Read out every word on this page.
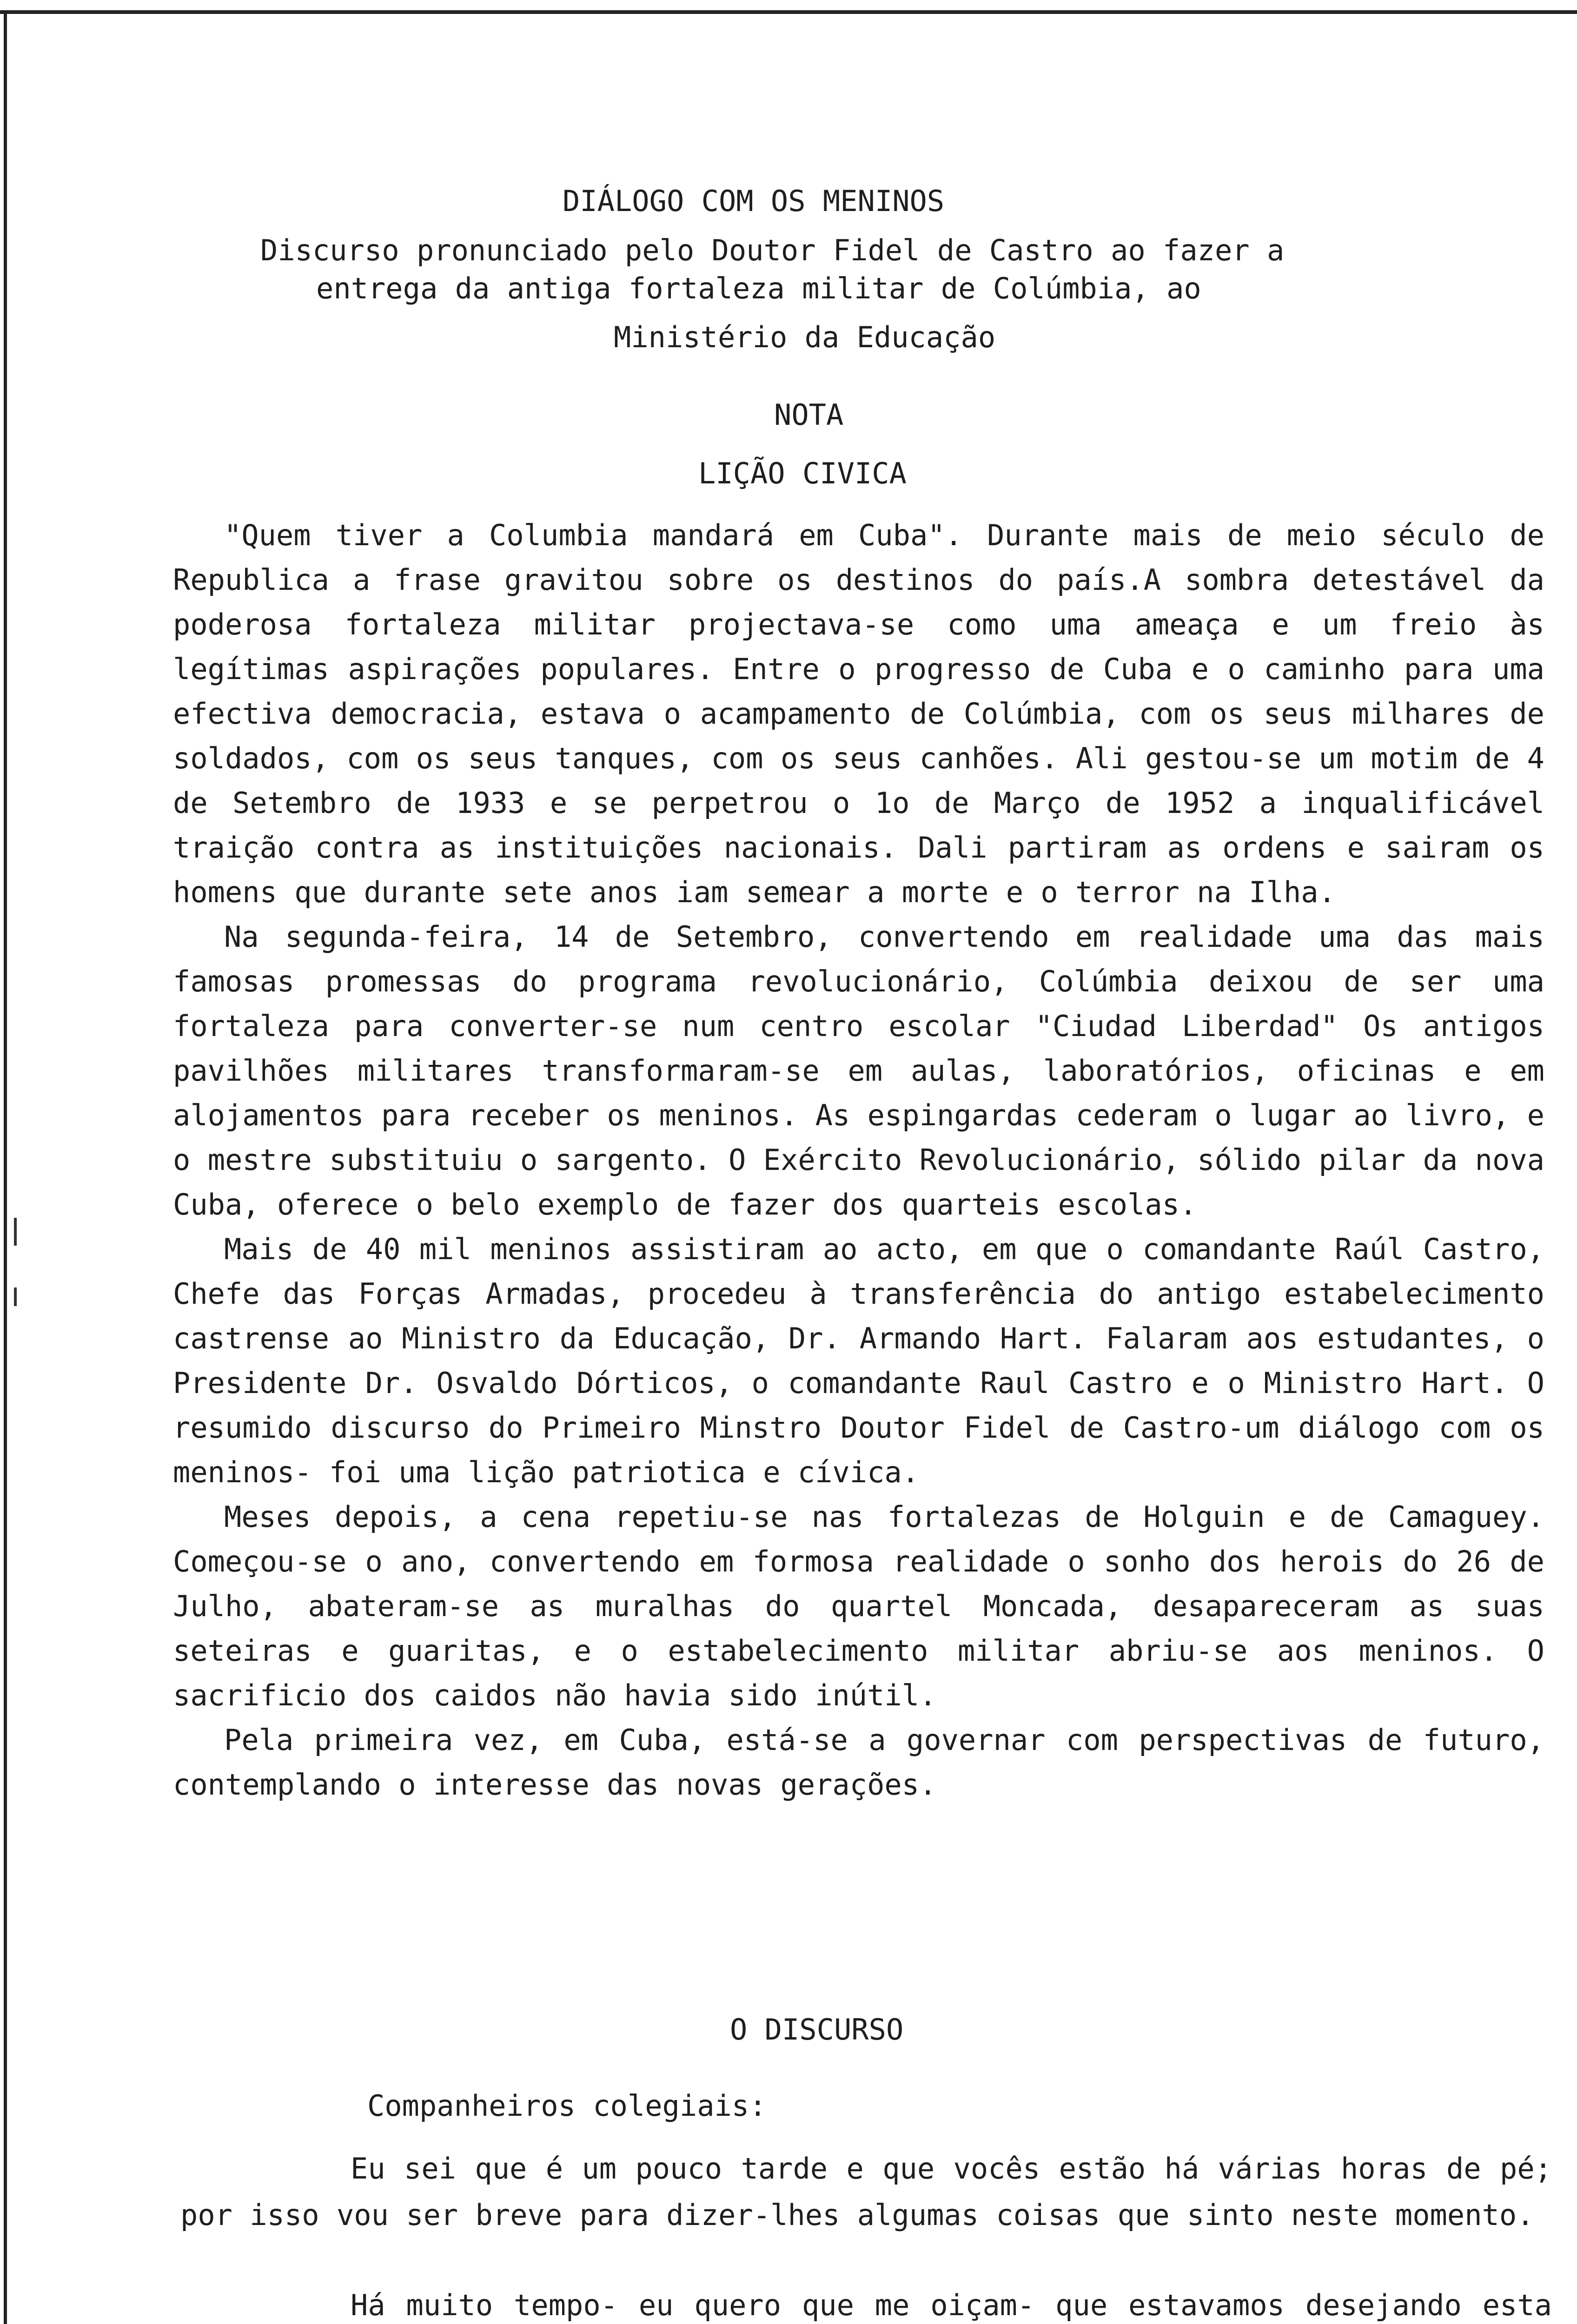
DIÁLOGO COM OS MENINOS
Discurso pronunciado pelo Doutor Fidel de Castro ao fazer a
entrega da antiga fortaleza militar de Colúmbia, ao
Ministério da Educação
NOTA
LIÇÃO CIVICA

"Quem tiver a Columbia mandará em Cuba". Durante mais de meio século de Republica a frase gravitou sobre os destinos do país.A sombra detestável da poderosa fortaleza militar projectava-se como uma ameaça e um freio às legítimas aspirações populares. Entre o progresso de Cuba e o caminho para uma efectiva democracia, estava o acampamento de Colúmbia, com os seus milhares de soldados, com os seus tanques, com os seus canhões. Ali gestou-se um motim de 4 de Setembro de 1933 e se perpetrou o 1o de Março de 1952 a inqualificável traição contra as instituições nacionais. Dali partiram as ordens e sairam os homens que durante sete anos iam semear a morte e o terror na Ilha.

Na segunda-feira, 14 de Setembro, convertendo em realidade uma das mais famosas promessas do programa revolucionário, Colúmbia deixou de ser uma fortaleza para converter-se num centro escolar "Ciudad Liberdad" Os antigos pavilhões militares transformaram-se em aulas, laboratórios, oficinas e em alojamentos para receber os meninos. As espingardas cederam o lugar ao livro, e o mestre substituiu o sargento. O Exército Revolucionário, sólido pilar da nova Cuba, oferece o belo exemplo de fazer dos quarteis escolas.

Mais de 40 mil meninos assistiram ao acto, em que o comandante Raúl Castro, Chefe das Forças Armadas, procedeu à transferência do antigo estabelecimento castrense ao Ministro da Educação, Dr. Armando Hart. Falaram aos estudantes, o Presidente Dr. Osvaldo Dórticos, o comandante Raul Castro e o Ministro Hart. O resumido discurso do Primeiro Minstro Doutor Fidel de Castro-um diálogo com os meninos- foi uma lição patriotica e cívica.

Meses depois, a cena repetiu-se nas fortalezas de Holguin e de Camaguey. Começou-se o ano, convertendo em formosa realidade o sonho dos herois do 26 de Julho, abateram-se as muralhas do quartel Moncada, desapareceram as suas seteiras e guaritas, e o estabelecimento militar abriu-se aos meninos. O sacrificio dos caidos não havia sido inútil.

Pela primeira vez, em Cuba, está-se a governar com perspectivas de futuro, contemplando o interesse das novas gerações.

O DISCURSO
Companheiros colegiais:

Eu sei que é um pouco tarde e que vocês estão há várias horas de pé; por isso vou ser breve para dizer-lhes algumas coisas que sinto neste momento.

Há muito tempo- eu quero que me oiçam- que estavamos desejando esta
